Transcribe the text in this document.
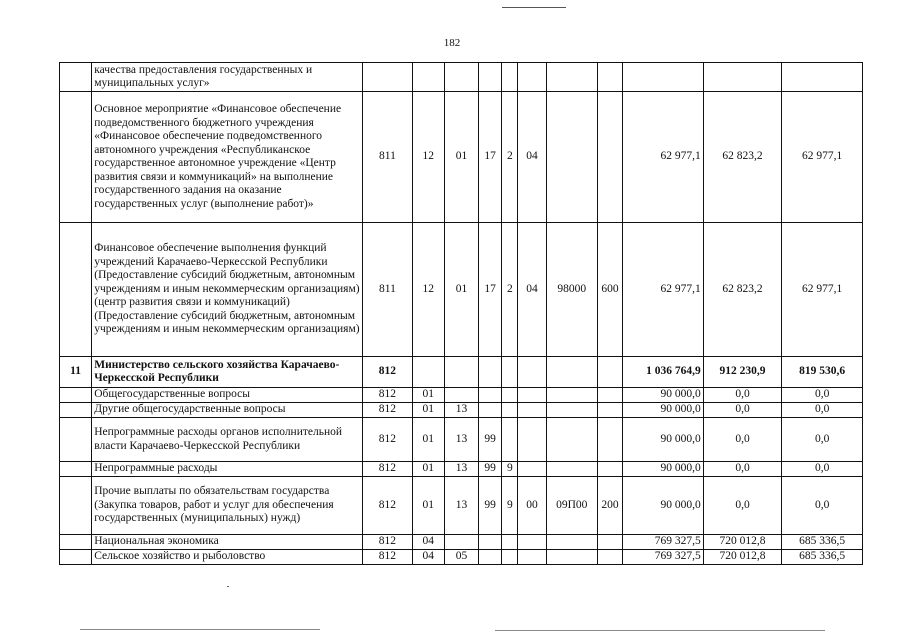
182
	качества предоставления государственных и муниципальных услуг»											
	Основное мероприятие «Финансовое обеспечение подведомственного бюджетного учреждения «Финансовое обеспечение подведомственного автономного учреждения «Республиканское государственное автономное учреждение «Центр развития связи и коммуникаций» на выполнение государственного задания на оказание государственных услуг (выполнение работ)»	811	12	01	17	2	04			62 977,1	62 823,2	62 977,1
	Финансовое обеспечение выполнения функций учреждений Карачаево-Черкесской Республики (Предоставление субсидий бюджетным, автономным учреждениям и иным некоммерческим организациям) (центр развития связи и коммуникаций) (Предоставление субсидий бюджетным, автономным учреждениям и иным некоммерческим организациям)	811	12	01	17	2	04	98000	600	62 977,1	62 823,2	62 977,1
11	Министерство сельского хозяйства Карачаево-Черкесской Республики	812								1 036 764,9	912 230,9	819 530,6
	Общегосударственные вопросы	812	01							90 000,0	0,0	0,0
	Другие общегосударственные вопросы	812	01	13						90 000,0	0,0	0,0
	Непрограммные расходы органов исполнительной власти Карачаево-Черкесской Республики	812	01	13	99					90 000,0	0,0	0,0
	Непрограммные расходы	812	01	13	99	9				90 000,0	0,0	0,0
	Прочие выплаты по обязательствам государства (Закупка товаров, работ и услуг для обеспечения государственных (муниципальных) нужд)	812	01	13	99	9	00	09П00	200	90 000,0	0,0	0,0
	Национальная экономика	812	04							769 327,5	720 012,8	685 336,5
	Сельское хозяйство и рыболовство	812	04	05						769 327,5	720 012,8	685 336,5
